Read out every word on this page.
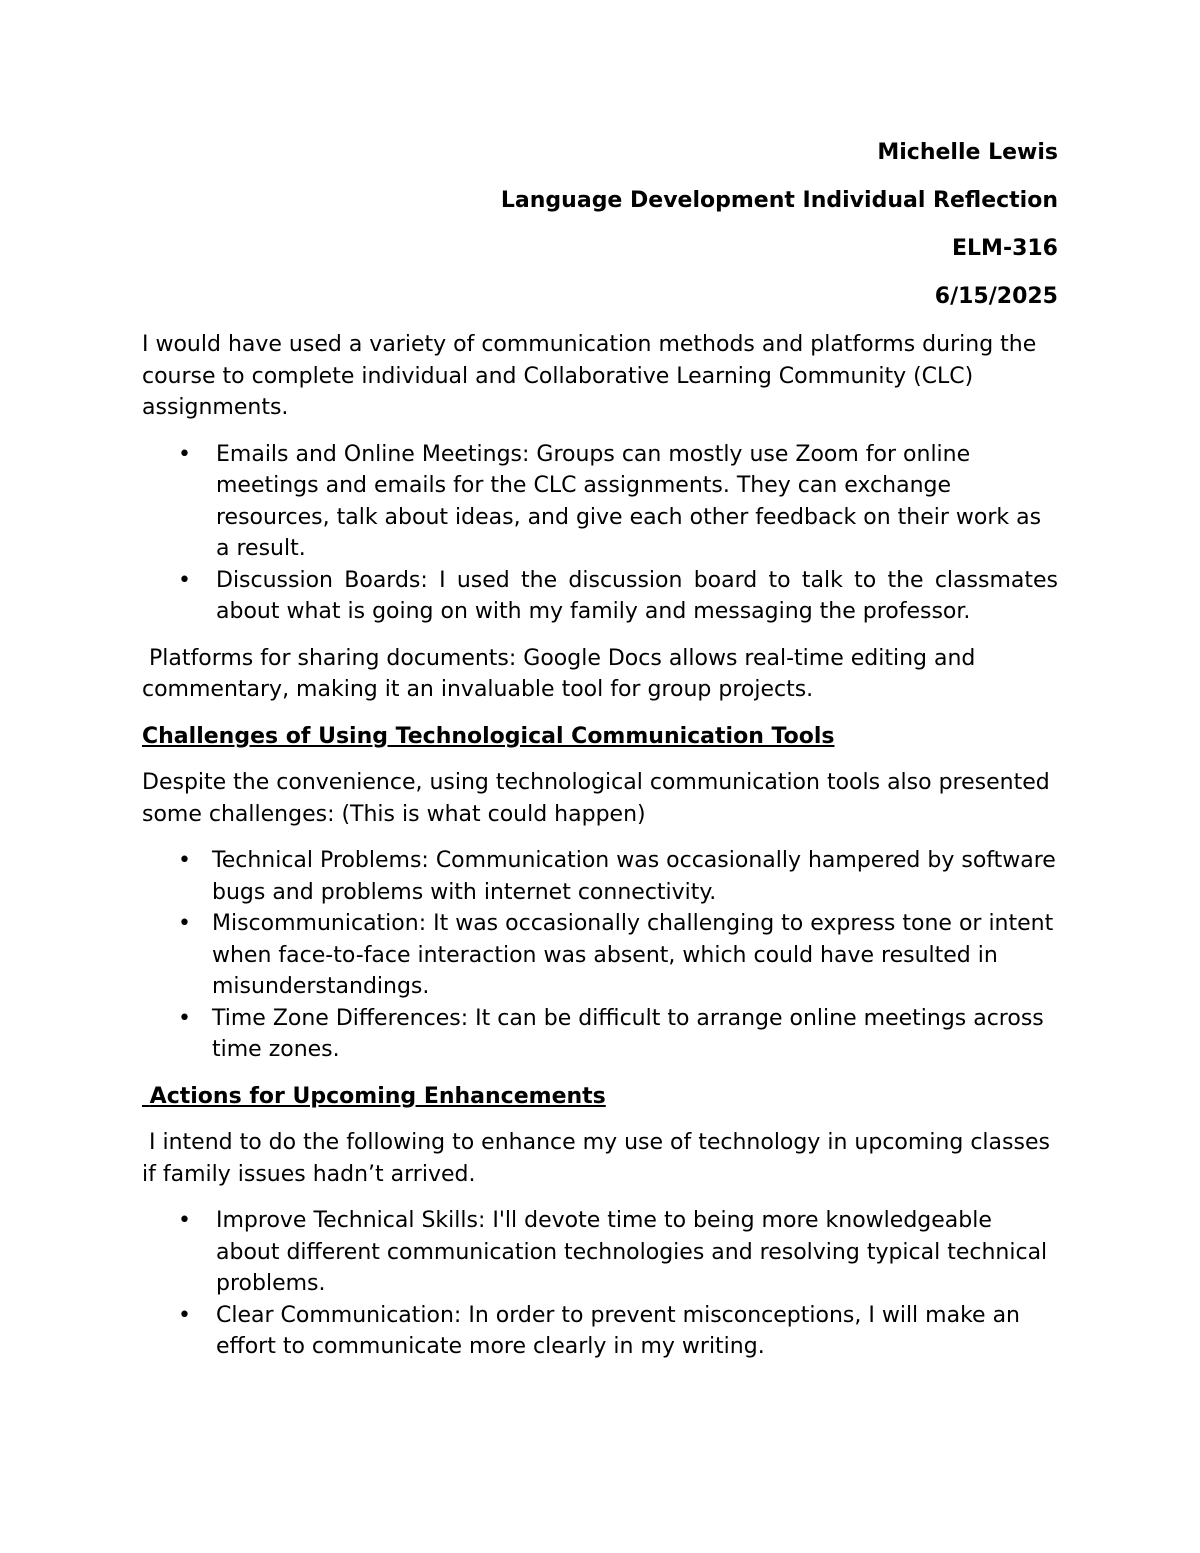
Michelle Lewis
Language Development Individual Reflection
ELM-316
6/15/2025

I would have used a variety of communication methods and platforms during the course to complete individual and Collaborative Learning Community (CLC) assignments.

• Emails and Online Meetings: Groups can mostly use Zoom for online meetings and emails for the CLC assignments. They can exchange resources, talk about ideas, and give each other feedback on their work as a result.
• Discussion Boards: I used the discussion board to talk to the classmates about what is going on with my family and messaging the professor.

Platforms for sharing documents: Google Docs allows real-time editing and commentary, making it an invaluable tool for group projects.

Challenges of Using Technological Communication Tools

Despite the convenience, using technological communication tools also presented some challenges: (This is what could happen)

• Technical Problems: Communication was occasionally hampered by software bugs and problems with internet connectivity.
• Miscommunication: It was occasionally challenging to express tone or intent when face-to-face interaction was absent, which could have resulted in misunderstandings.
• Time Zone Differences: It can be difficult to arrange online meetings across time zones.
Actions for Upcoming Enhancements

I intend to do the following to enhance my use of technology in upcoming classes if family issues hadn’t arrived.

• Improve Technical Skills: I'll devote time to being more knowledgeable about different communication technologies and resolving typical technical problems.
• Clear Communication: In order to prevent misconceptions, I will make an effort to communicate more clearly in my writing.
